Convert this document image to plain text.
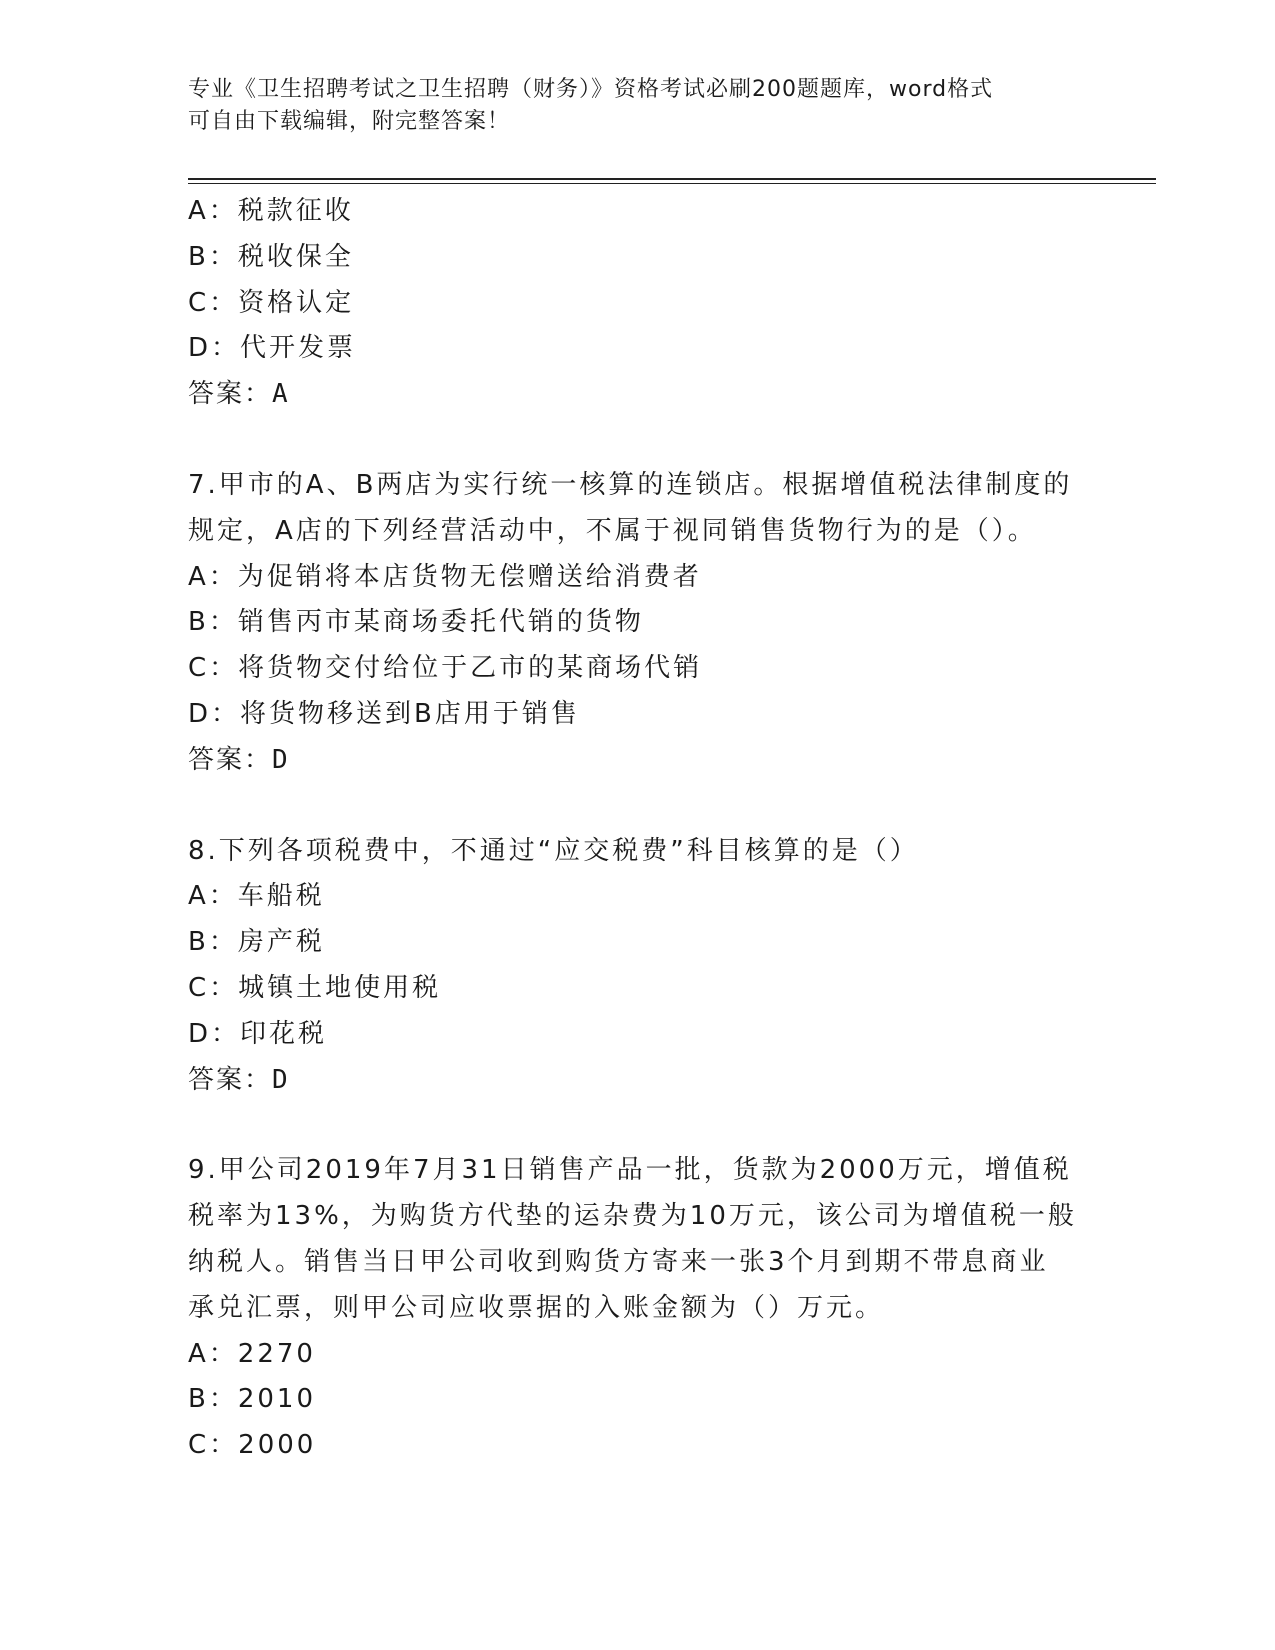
专业《卫生招聘考试之卫生招聘（财务）》资格考试必刷200题题库，word格式
可自由下载编辑，附完整答案！
A：税款征收
B：税收保全
C：资格认定
D：代开发票
答案：A
7.甲市的A、B两店为实行统一核算的连锁店。根据增值税法律制度的
规定，A店的下列经营活动中，不属于视同销售货物行为的是（）。
A：为促销将本店货物无偿赠送给消费者
B：销售丙市某商场委托代销的货物
C：将货物交付给位于乙市的某商场代销
D：将货物移送到B店用于销售
答案：D
8.下列各项税费中，不通过“应交税费”科目核算的是（）
A：车船税
B：房产税
C：城镇土地使用税
D：印花税
答案：D
9.甲公司2019年7月31日销售产品一批，货款为2000万元，增值税
税率为13%，为购货方代垫的运杂费为10万元，该公司为增值税一般
纳税人。销售当日甲公司收到购货方寄来一张3个月到期不带息商业
承兑汇票，则甲公司应收票据的入账金额为（）万元。
A：2270
B：2010
C：2000
